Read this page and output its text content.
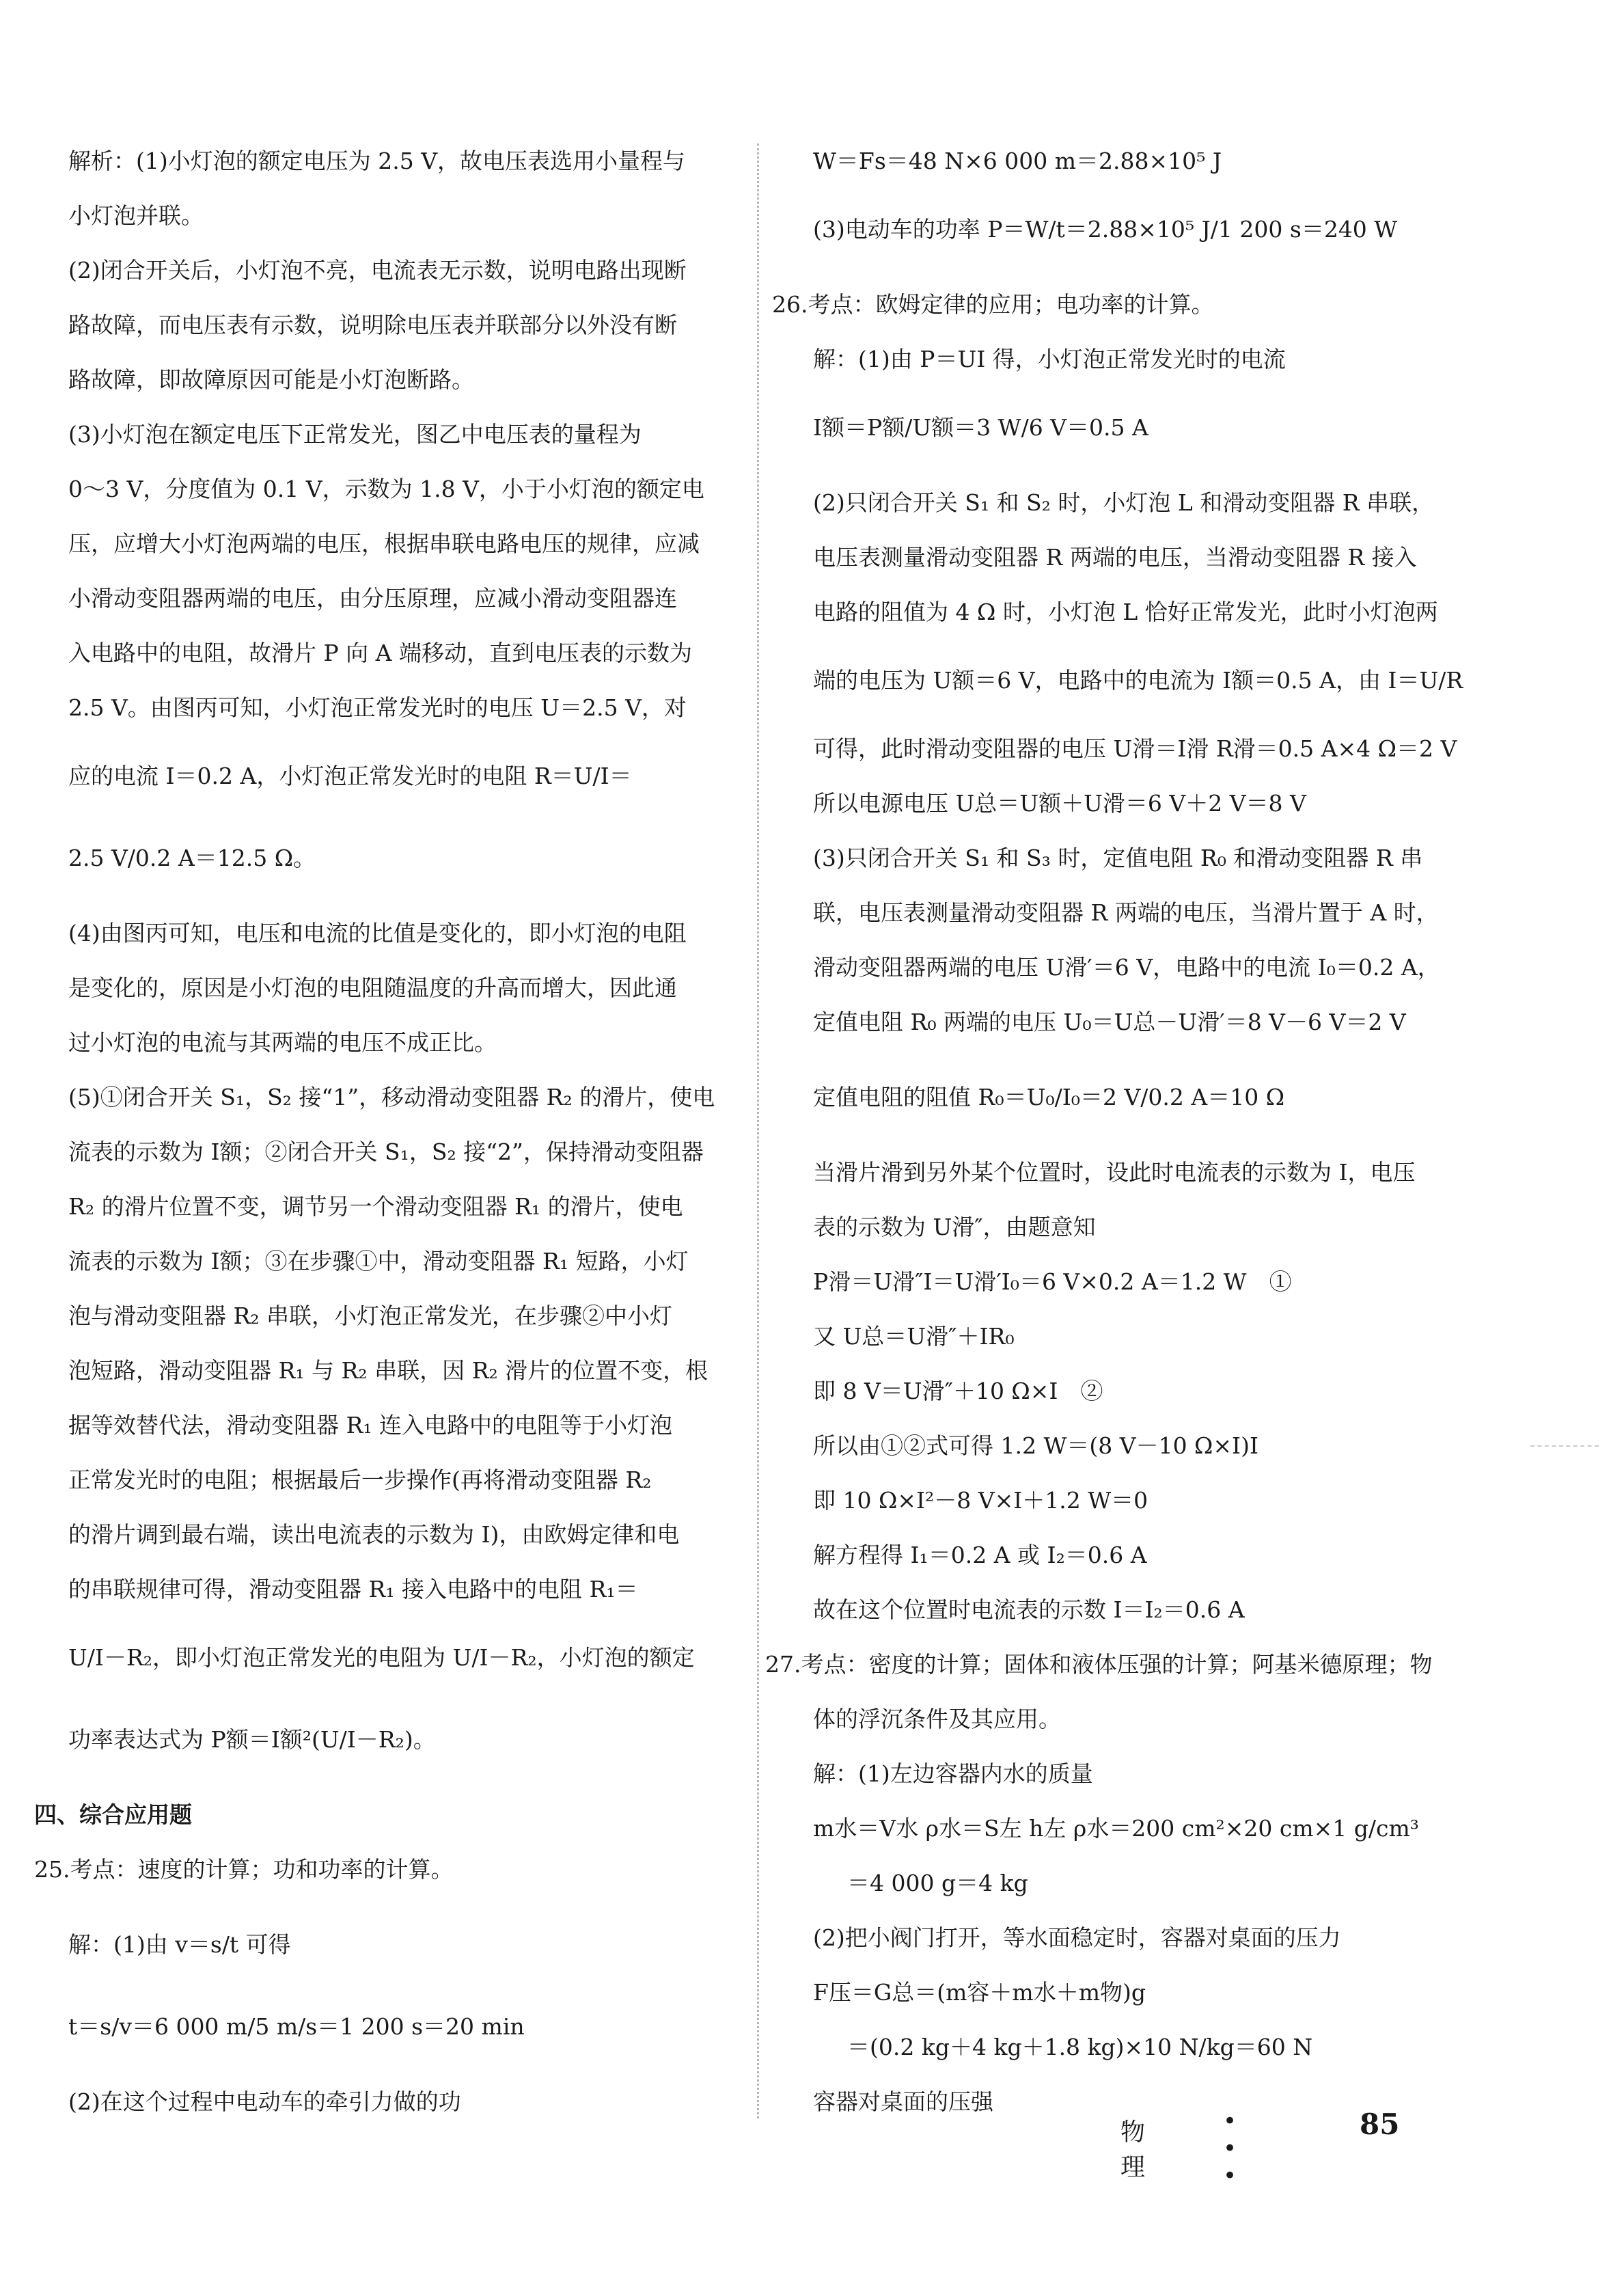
解析：(1)小灯泡的额定电压为 2.5 V，故电压表选用小量程与
小灯泡并联。
(2)闭合开关后，小灯泡不亮，电流表无示数，说明电路出现断
路故障，而电压表有示数，说明除电压表并联部分以外没有断
路故障，即故障原因可能是小灯泡断路。
(3)小灯泡在额定电压下正常发光，图乙中电压表的量程为
0～3 V，分度值为 0.1 V，示数为 1.8 V，小于小灯泡的额定电
压，应增大小灯泡两端的电压，根据串联电路电压的规律，应减
小滑动变阻器两端的电压，由分压原理，应减小滑动变阻器连
入电路中的电阻，故滑片 P 向 A 端移动，直到电压表的示数为
2.5 V。由图丙可知，小灯泡正常发光时的电压 U＝2.5 V，对
应的电流 I＝0.2 A，小灯泡正常发光时的电阻 R＝U/I＝
2.5 V/0.2 A＝12.5 Ω。
(4)由图丙可知，电压和电流的比值是变化的，即小灯泡的电阻
是变化的，原因是小灯泡的电阻随温度的升高而增大，因此通
过小灯泡的电流与其两端的电压不成正比。
(5)①闭合开关 S₁，S₂ 接“1”，移动滑动变阻器 R₂ 的滑片，使电
流表的示数为 I额；②闭合开关 S₁，S₂ 接“2”，保持滑动变阻器
R₂ 的滑片位置不变，调节另一个滑动变阻器 R₁ 的滑片，使电
流表的示数为 I额；③在步骤①中，滑动变阻器 R₁ 短路，小灯
泡与滑动变阻器 R₂ 串联，小灯泡正常发光，在步骤②中小灯
泡短路，滑动变阻器 R₁ 与 R₂ 串联，因 R₂ 滑片的位置不变，根
据等效替代法，滑动变阻器 R₁ 连入电路中的电阻等于小灯泡
正常发光时的电阻；根据最后一步操作(再将滑动变阻器 R₂
的滑片调到最右端，读出电流表的示数为 I)，由欧姆定律和电
的串联规律可得，滑动变阻器 R₁ 接入电路中的电阻 R₁＝
U/I－R₂，即小灯泡正常发光的电阻为 U/I－R₂，小灯泡的额定
功率表达式为 P额＝I额²(U/I－R₂)。
四、综合应用题
25.考点：速度的计算；功和功率的计算。
解：(1)由 v＝s/t 可得
t＝s/v＝6 000 m/5 m/s＝1 200 s＝20 min
(2)在这个过程中电动车的牵引力做的功
W＝Fs＝48 N×6 000 m＝2.88×10⁵ J
(3)电动车的功率 P＝W/t＝2.88×10⁵ J/1 200 s＝240 W
26.考点：欧姆定律的应用；电功率的计算。
解：(1)由 P＝UI 得，小灯泡正常发光时的电流
I额＝P额/U额＝3 W/6 V＝0.5 A
(2)只闭合开关 S₁ 和 S₂ 时，小灯泡 L 和滑动变阻器 R 串联，
电压表测量滑动变阻器 R 两端的电压，当滑动变阻器 R 接入
电路的阻值为 4 Ω 时，小灯泡 L 恰好正常发光，此时小灯泡两
端的电压为 U额＝6 V，电路中的电流为 I额＝0.5 A，由 I＝U/R
可得，此时滑动变阻器的电压 U滑＝I滑 R滑＝0.5 A×4 Ω＝2 V
所以电源电压 U总＝U额＋U滑＝6 V＋2 V＝8 V
(3)只闭合开关 S₁ 和 S₃ 时，定值电阻 R₀ 和滑动变阻器 R 串
联，电压表测量滑动变阻器 R 两端的电压，当滑片置于 A 时，
滑动变阻器两端的电压 U滑′＝6 V，电路中的电流 I₀＝0.2 A，
定值电阻 R₀ 两端的电压 U₀＝U总－U滑′＝8 V－6 V＝2 V
定值电阻的阻值 R₀＝U₀/I₀＝2 V/0.2 A＝10 Ω
当滑片滑到另外某个位置时，设此时电流表的示数为 I，电压
表的示数为 U滑″，由题意知
P滑＝U滑″I＝U滑′I₀＝6 V×0.2 A＝1.2 W　①
又 U总＝U滑″＋IR₀
即 8 V＝U滑″＋10 Ω×I　②
所以由①②式可得 1.2 W＝(8 V－10 Ω×I)I
即 10 Ω×I²－8 V×I＋1.2 W＝0
解方程得 I₁＝0.2 A 或 I₂＝0.6 A
故在这个位置时电流表的示数 I＝I₂＝0.6 A
27.考点：密度的计算；固体和液体压强的计算；阿基米德原理；物
体的浮沉条件及其应用。
解：(1)左边容器内水的质量
m水＝V水 ρ水＝S左 h左 ρ水＝200 cm²×20 cm×1 g/cm³
＝4 000 g＝4 kg
(2)把小阀门打开，等水面稳定时，容器对桌面的压力
F压＝G总＝(m容＋m水＋m物)g
＝(0.2 kg＋4 kg＋1.8 kg)×10 N/kg＝60 N
容器对桌面的压强
物理
• • •
85
